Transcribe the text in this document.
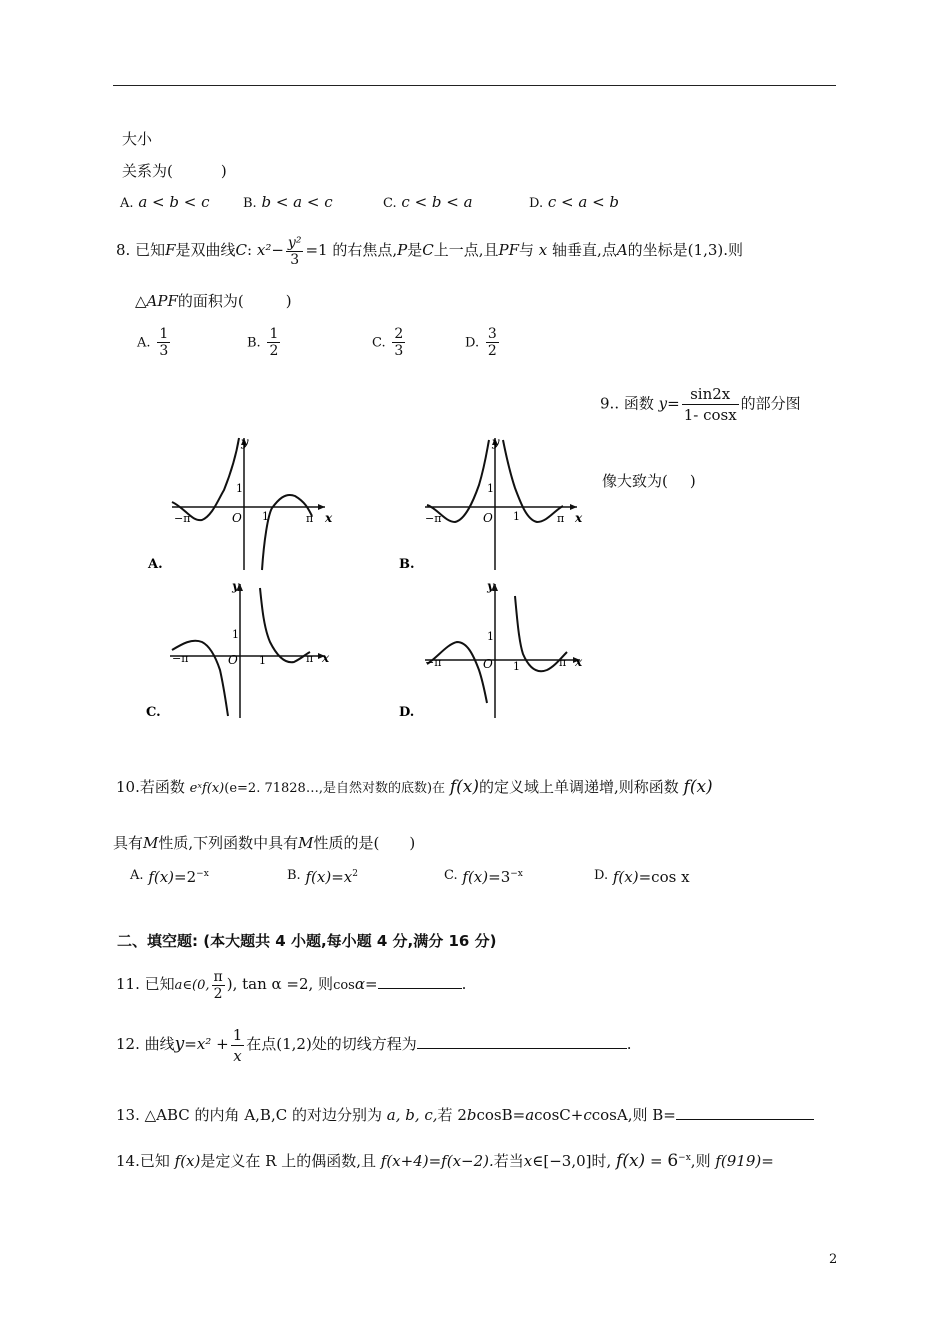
大小
关系为(	)
A. a < b < c	B. b < a < c	C. c < b < a	D. c < a < b
8. 已知F是双曲线C: $x^2- \frac{\text{y²}}{3} =1$ 的右焦点,P是C上一点,且PF与 x 轴垂直,点A的坐标是(1,3).则
△APF的面积为(	)
A. $\frac{1}{3}$	B. $\frac{1}{2}$	C. $\frac{2}{3}$	D. $\frac{3}{2}$
9.. 函数 $y= \frac{\sin 2x}{1- \cos x}$ 的部分图
像大致为( )
y
x
−π	π
O 1
1
A.
y
x
−π	π
O 1
1
B.
y
x
−π	π
O 1
1
C.
y
x
−π	π
O 1
1
D.
10.若函数 eˣf(x)(e=2. 71828…,是自然对数的底数)在 f(x)的定义域上单调递增,则称函数 f(x)
具有M性质,下列函数中具有M性质的是( )
A. $f(x)=2^{-x}$	B. $f(x)=x^2$	C. $f(x)=3^{-x}$	D. f(x)=cos x
二、填空题: (本大题共 4 小题,每小题 4 分,满分 16 分)
11. 已知a∈(0, $\frac{\pi}{2}$ ), tan α =2, 则cosα=	.
12. 曲线$y=x^2 + \frac{1}{x}$ 在点(1,2)处的切线方程为	.
13. △ABC 的内角 A,B,C 的对边分别为 a, b, c,若 2bcosB=acosC+ccosA,则 B=
14.已知 f(x)是定义在 R 上的偶函数,且 f(x+4)=f(x−2).若当x∈[−3,0]时, $f(x) = 6^{-x}$,则 f(919)=
2
